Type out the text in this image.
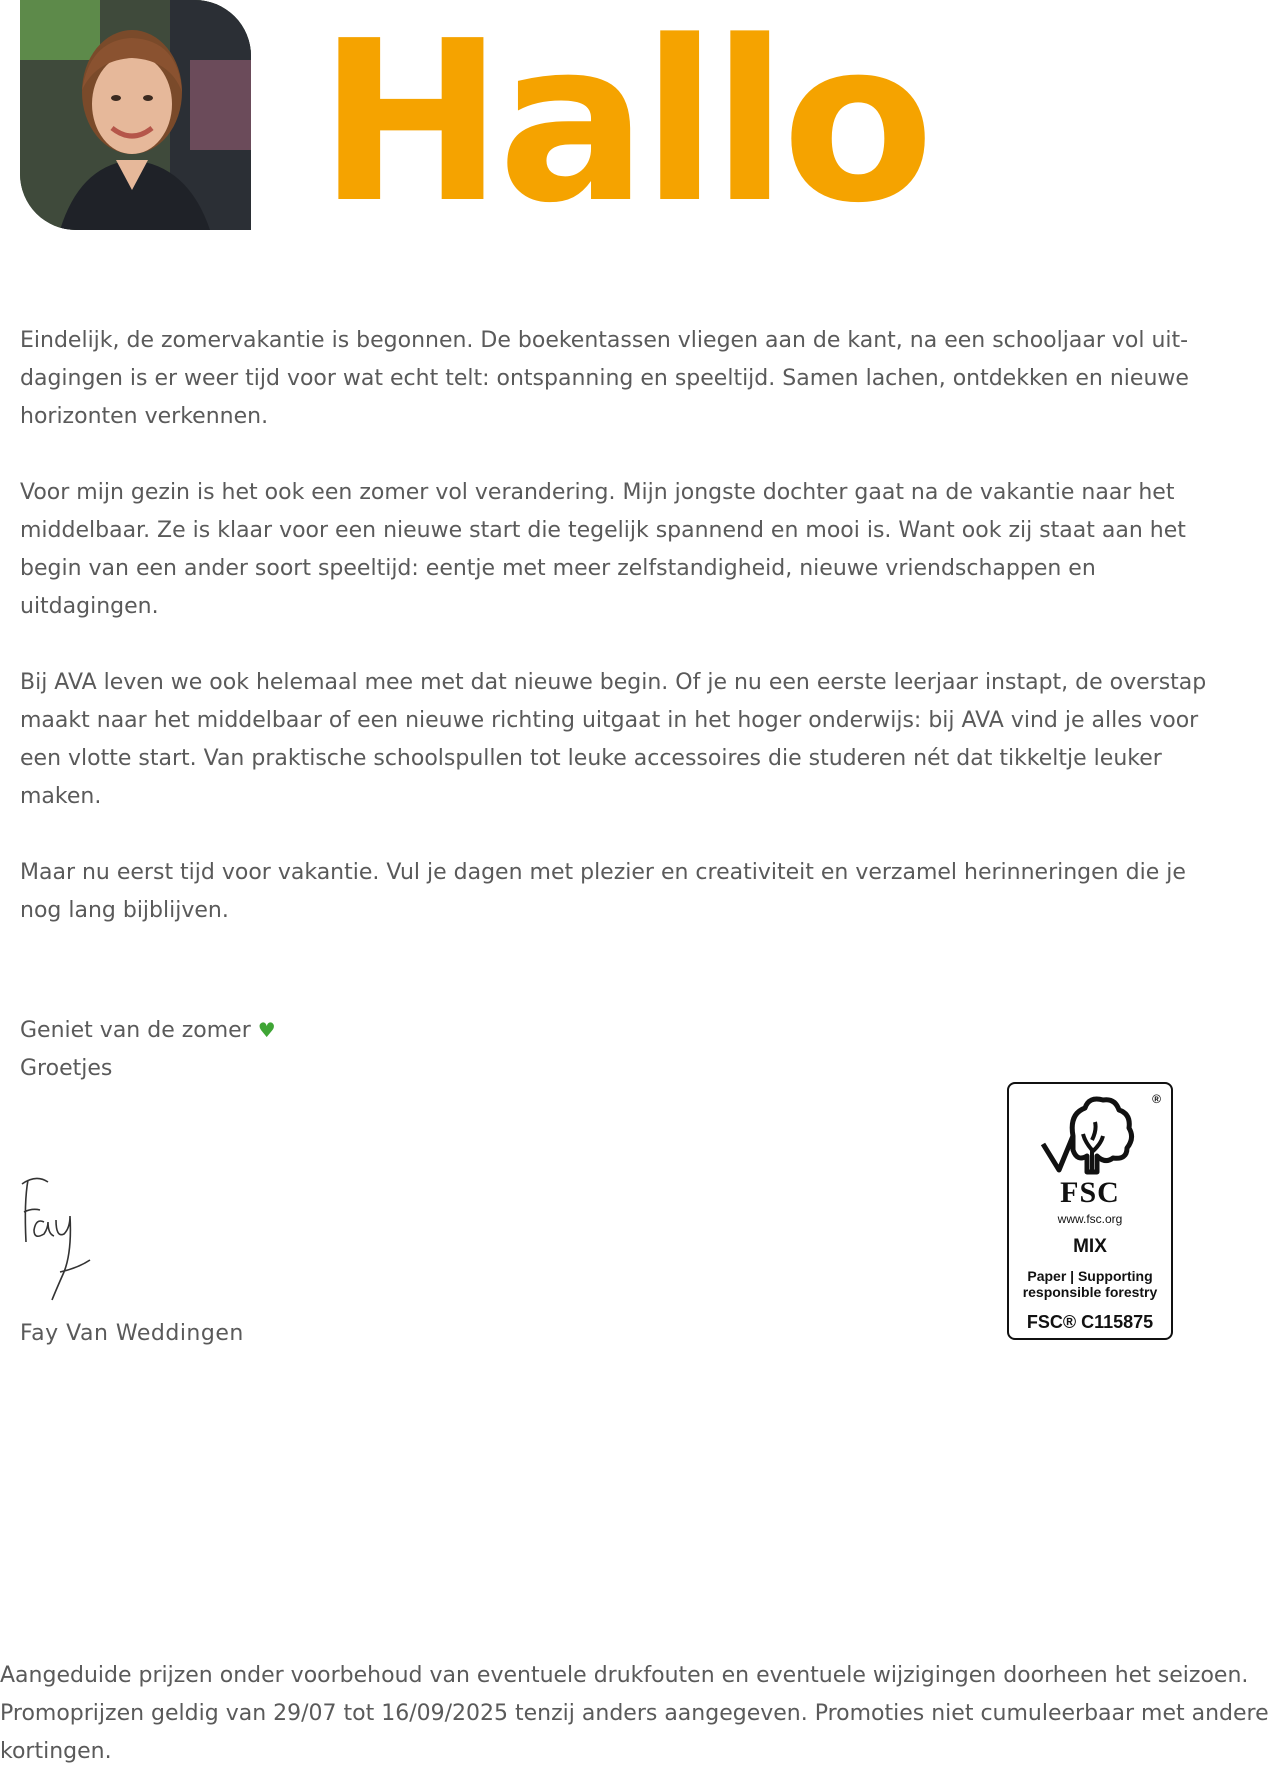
Hallo

Eindelijk, de zomervakantie is begonnen. De boekentassen vliegen aan de kant, na een schooljaar vol uit-dagingen is er weer tijd voor wat echt telt: ontspanning en speeltijd. Samen lachen, ontdekken en nieuwe horizonten verkennen.

Voor mijn gezin is het ook een zomer vol verandering. Mijn jongste dochter gaat na de vakantie naar het middelbaar. Ze is klaar voor een nieuwe start die tegelijk spannend en mooi is. Want ook zij staat aan het begin van een ander soort speeltijd: eentje met meer zelfstandigheid, nieuwe vriendschappen en uitdagingen.

Bij AVA leven we ook helemaal mee met dat nieuwe begin. Of je nu een eerste leerjaar instapt, de overstap maakt naar het middelbaar of een nieuwe richting uitgaat in het hoger onderwijs: bij AVA vind je alles voor een vlotte start. Van praktische schoolspullen tot leuke accessoires die studeren nét dat tikkeltje leuker maken.

Maar nu eerst tijd voor vakantie. Vul je dagen met plezier en creativiteit en verzamel herinneringen die je nog lang bijblijven.

Geniet van de zomer ♥
Groetjes
Fay Van Weddingen
®
FSC
www.fsc.org
MIX
Paper | Supporting
responsible forestry
FSC® C115875
Aangeduide prijzen onder voorbehoud van eventuele drukfouten en eventuele wijzigingen doorheen het seizoen.
Promoprijzen geldig van 29/07 tot 16/09/2025 tenzij anders aangegeven. Promoties niet cumuleerbaar met andere kortingen.
